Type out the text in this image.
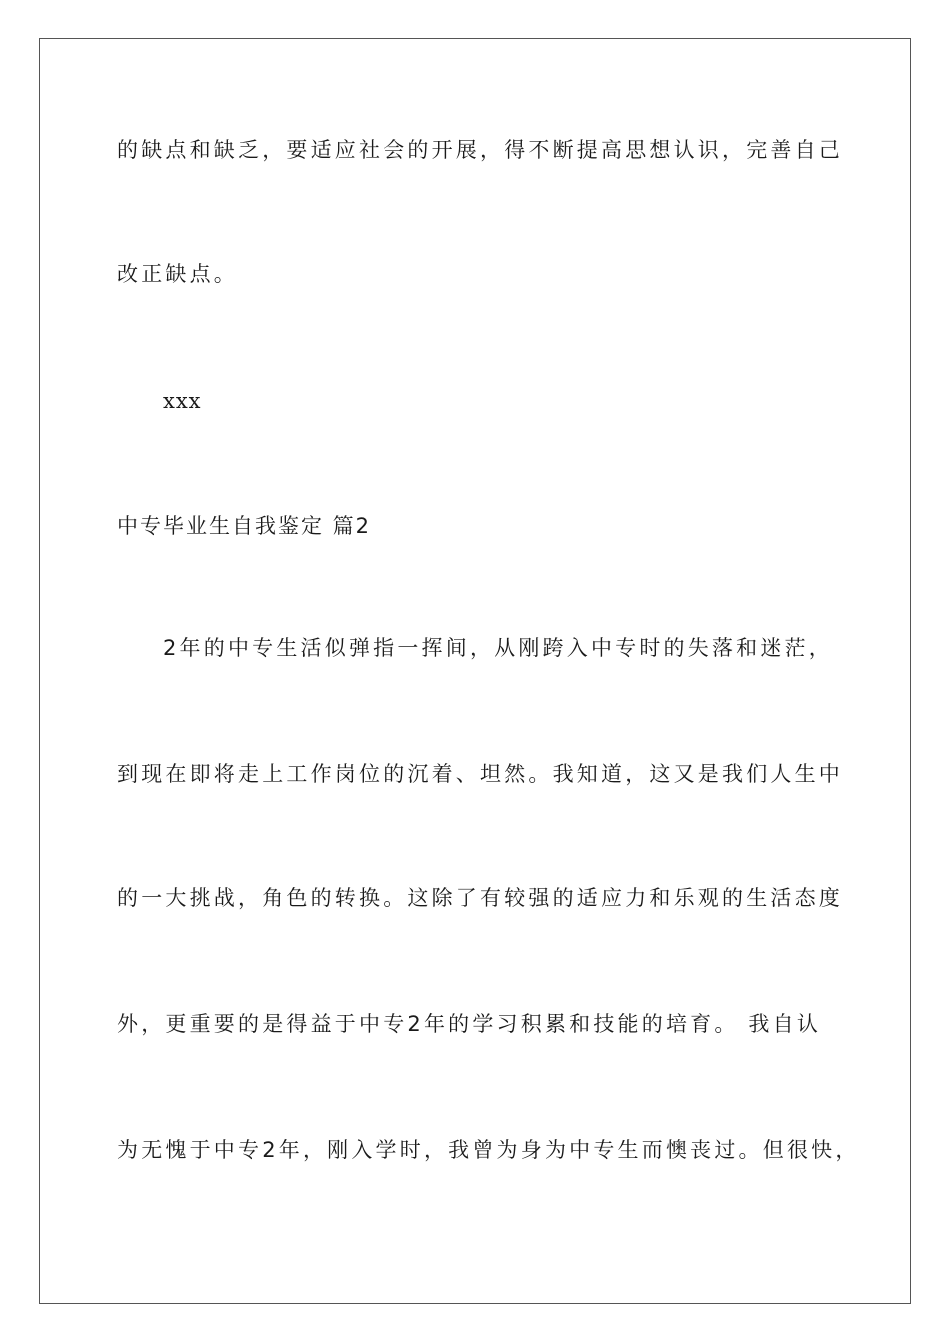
的缺点和缺乏，要适应社会的开展，得不断提高思想认识，完善自己
改正缺点。
xxx
中专毕业生自我鉴定 篇2
2年的中专生活似弹指一挥间，从刚跨入中专时的失落和迷茫，
到现在即将走上工作岗位的沉着、坦然。我知道，这又是我们人生中
的一大挑战，角色的转换。这除了有较强的适应力和乐观的生活态度
外，更重要的是得益于中专2年的学习积累和技能的培育。 我自认
为无愧于中专2年，刚入学时，我曾为身为中专生而懊丧过。但很快，
